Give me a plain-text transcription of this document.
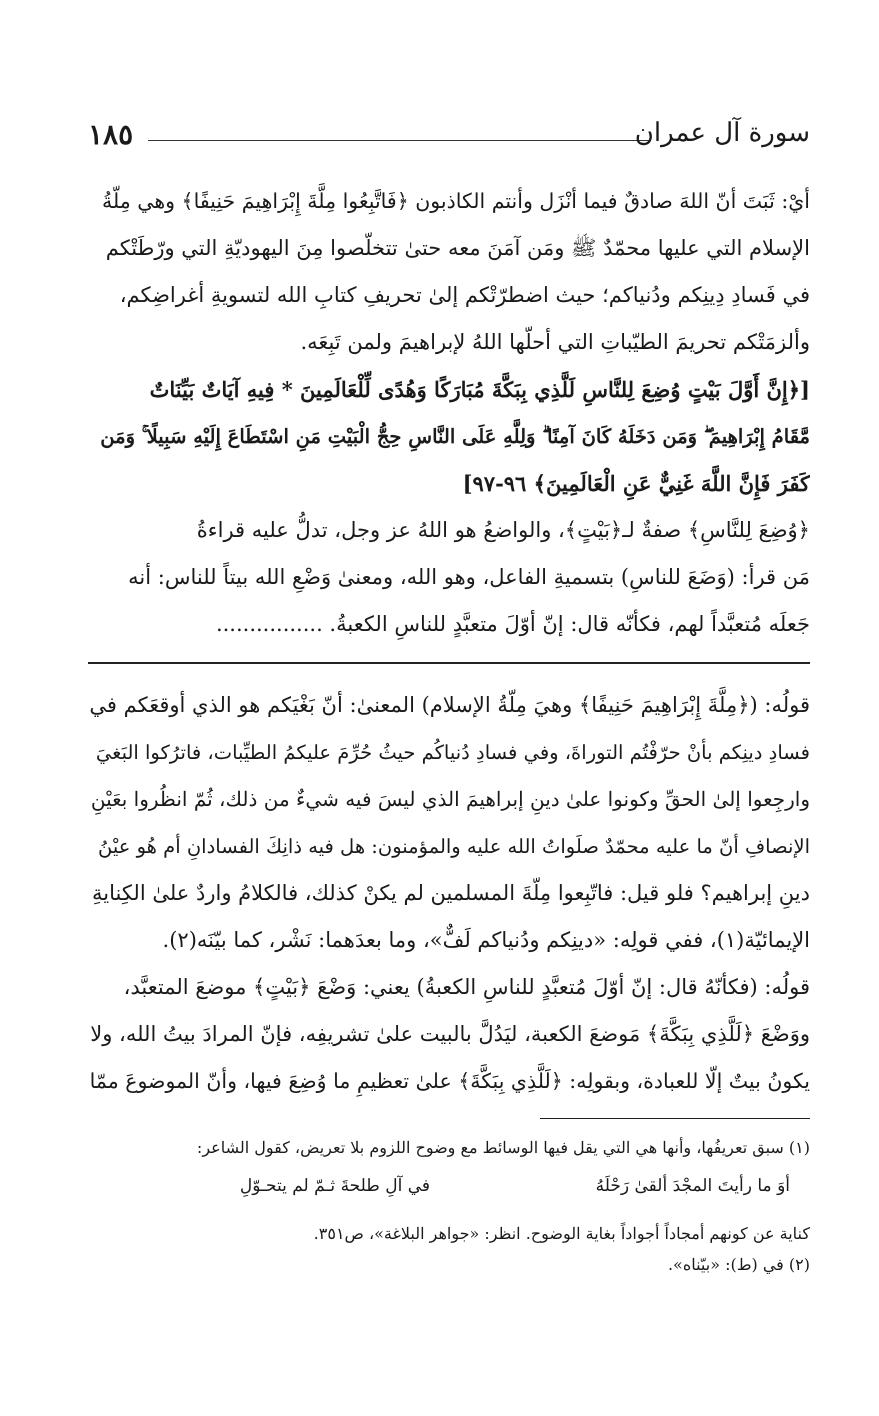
١٨٥	سورة آل عمران

أيْ: ثَبَتَ أنّ اللهَ صادقٌ فيما أنْزَل وأنتم الكاذبون ﴿فَاتَّبِعُوا مِلَّةَ إِبْرَاهِيمَ حَنِيفًا﴾ وهي مِلّةُ

الإسلام التي عليها محمّدٌ ﷺ ومَن آمَنَ معه حتىٰ تتخلّصوا مِنَ اليهوديّةِ التي ورّطَتْكم

في فَسادِ دِينِكم ودُنياكم؛ حيث اضطرّتْكم إلىٰ تحريفِ كتابِ الله لتسويةِ أغراضِكم،

وألزمَتْكم تحريمَ الطيّباتِ التي أحلّها اللهُ لإبراهيمَ ولمن تَبِعَه.

[﴿إِنَّ أَوَّلَ بَيْتٍ وُضِعَ لِلنَّاسِ لَلَّذِي بِبَكَّةَ مُبَارَكًا وَهُدًى لِّلْعَالَمِينَ * فِيهِ آيَاتٌ بَيِّنَاتٌ

مَّقَامُ إِبْرَاهِيمَ ۖ وَمَن دَخَلَهُ كَانَ آمِنًا ۗ وَلِلَّهِ عَلَى النَّاسِ حِجُّ الْبَيْتِ مَنِ اسْتَطَاعَ إِلَيْهِ سَبِيلًا ۚ وَمَن

كَفَرَ فَإِنَّ اللَّهَ غَنِيٌّ عَنِ الْعَالَمِينَ﴾ ٩٦-٩٧]

﴿وُضِعَ لِلنَّاسِ﴾ صفةٌ لـ﴿بَيْتٍ﴾، والواضعُ هو اللهُ عز وجل، تدلُّ عليه قراءةُ

مَن قرأ: (وَضَعَ للناسِ) بتسميةِ الفاعل، وهو الله، ومعنىٰ وَضْعِ الله بيتاً للناس: أنه

جَعلَه مُتعبَّداً لهم، فكأنّه قال: إنّ أوّلَ متعبَّدٍ للناسِ الكعبةُ. ................

قولُه: (﴿مِلَّةَ إِبْرَاهِيمَ حَنِيفًا﴾ وهيَ مِلّةُ الإسلام) المعنىٰ: أنّ بَغْيَكم هو الذي أوقعَكم في

فسادِ دينِكم بأنْ حرّفْتُم التوراةَ، وفي فسادِ دُنياكُم حيثُ حُرِّمَ عليكمُ الطيِّبات، فاترُكوا البَغيَ

وارجِعوا إلىٰ الحقِّ وكونوا علىٰ دينِ إبراهيمَ الذي ليسَ فيه شيءٌ من ذلك، ثُمّ انظُروا بعَيْنِ

الإنصافِ أنّ ما عليه محمّدٌ صلَواتُ الله عليه والمؤمنون: هل فيه ذانِكَ الفسادانِ أم هُو عيْنُ

دينِ إبراهيم؟ فلو قيل: فاتّبِعوا مِلّةَ المسلمين لم يكنْ كذلك، فالكلامُ واردٌ علىٰ الكِنايةِ

الإيمائيّة(١)، ففي قولِه: «دينِكم ودُنياكم لَفٌّ»، وما بعدَهما: نَشْر، كما بيّنَه(٢).

قولُه: (فكأنّهُ قال: إنّ أوّلَ مُتعبَّدٍ للناسِ الكعبةُ) يعني: وَضْعَ ﴿بَيْتٍ﴾ موضعَ المتعبَّد،

ووَضْعَ ﴿لَلَّذِي بِبَكَّةَ﴾ مَوضعَ الكعبة، ليَدُلَّ بالبيت علىٰ تشريفِه، فإنّ المرادَ بيتُ الله، ولا

يكونُ بيتٌ إلّا للعبادة، وبقولِه: ﴿لَلَّذِي بِبَكَّةَ﴾ علىٰ تعظيمِ ما وُضِعَ فيها، وأنّ الموضوعَ ممّا

(١) سبق تعريفُها، وأنها هي التي يقل فيها الوسائط مع وضوح اللزوم بلا تعريض، كقول الشاعر:

أوَ ما رأيتَ المجْدَ ألقىٰ رَحْلَهُ
في آلِ طلحةَ ثـمّ لم يتحـوّلِ

كناية عن كونهم أمجاداً أجواداً بغاية الوضوح. انظر: «جواهر البلاغة»، ص٣٥١.

(٢) في (ط): «بيّناه».
